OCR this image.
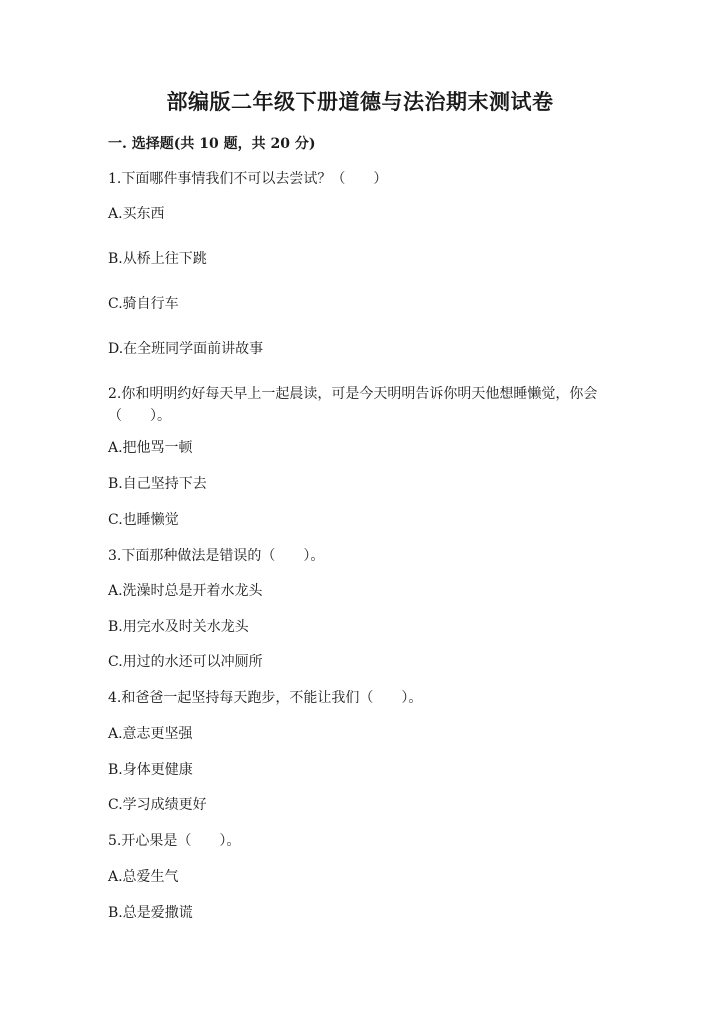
部编版二年级下册道德与法治期末测试卷
一. 选择题(共 10 题，共 20 分)
1.下面哪件事情我们不可以去尝试？（　　）
A.买东西
B.从桥上往下跳
C.骑自行车
D.在全班同学面前讲故事
2.你和明明约好每天早上一起晨读，可是今天明明告诉你明天他想睡懒觉，你会（　　）。
A.把他骂一顿
B.自己坚持下去
C.也睡懒觉
3.下面那种做法是错误的（　　）。
A.洗澡时总是开着水龙头
B.用完水及时关水龙头
C.用过的水还可以冲厕所
4.和爸爸一起坚持每天跑步，不能让我们（　　）。
A.意志更坚强
B.身体更健康
C.学习成绩更好
5.开心果是（　　）。
A.总爱生气
B.总是爱撒谎
